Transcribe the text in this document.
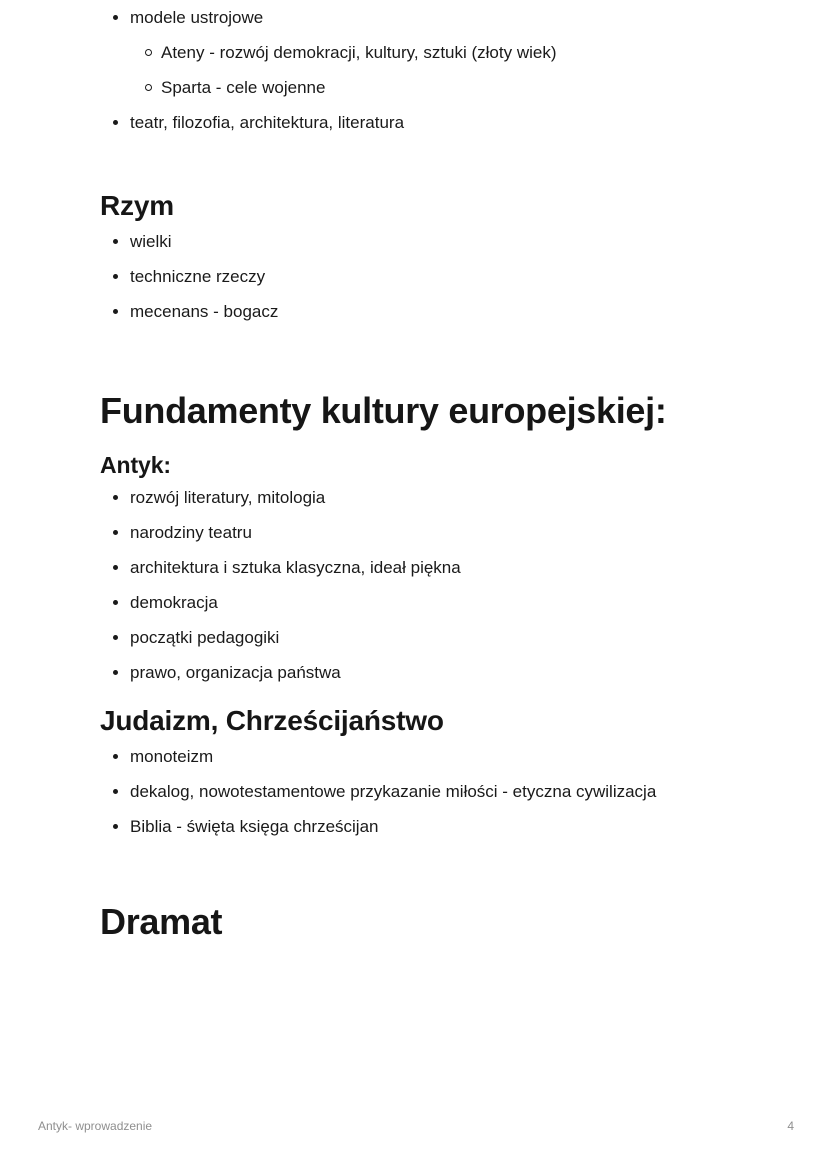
modele ustrojowe
Ateny - rozwój demokracji, kultury, sztuki (złoty wiek)
Sparta - cele wojenne
teatr, filozofia, architektura, literatura
Rzym
wielki
techniczne rzeczy
mecenans - bogacz
Fundamenty kultury europejskiej:
Antyk:
rozwój literatury, mitologia
narodziny teatru
architektura i sztuka klasyczna, ideał piękna
demokracja
początki pedagogiki
prawo, organizacja państwa
Judaizm, Chrześcijaństwo
monoteizm
dekalog, nowotestamentowe przykazanie miłości - etyczna cywilizacja
Biblia - święta księga chrześcijan
Dramat
Antyk- wprowadzenie	4
